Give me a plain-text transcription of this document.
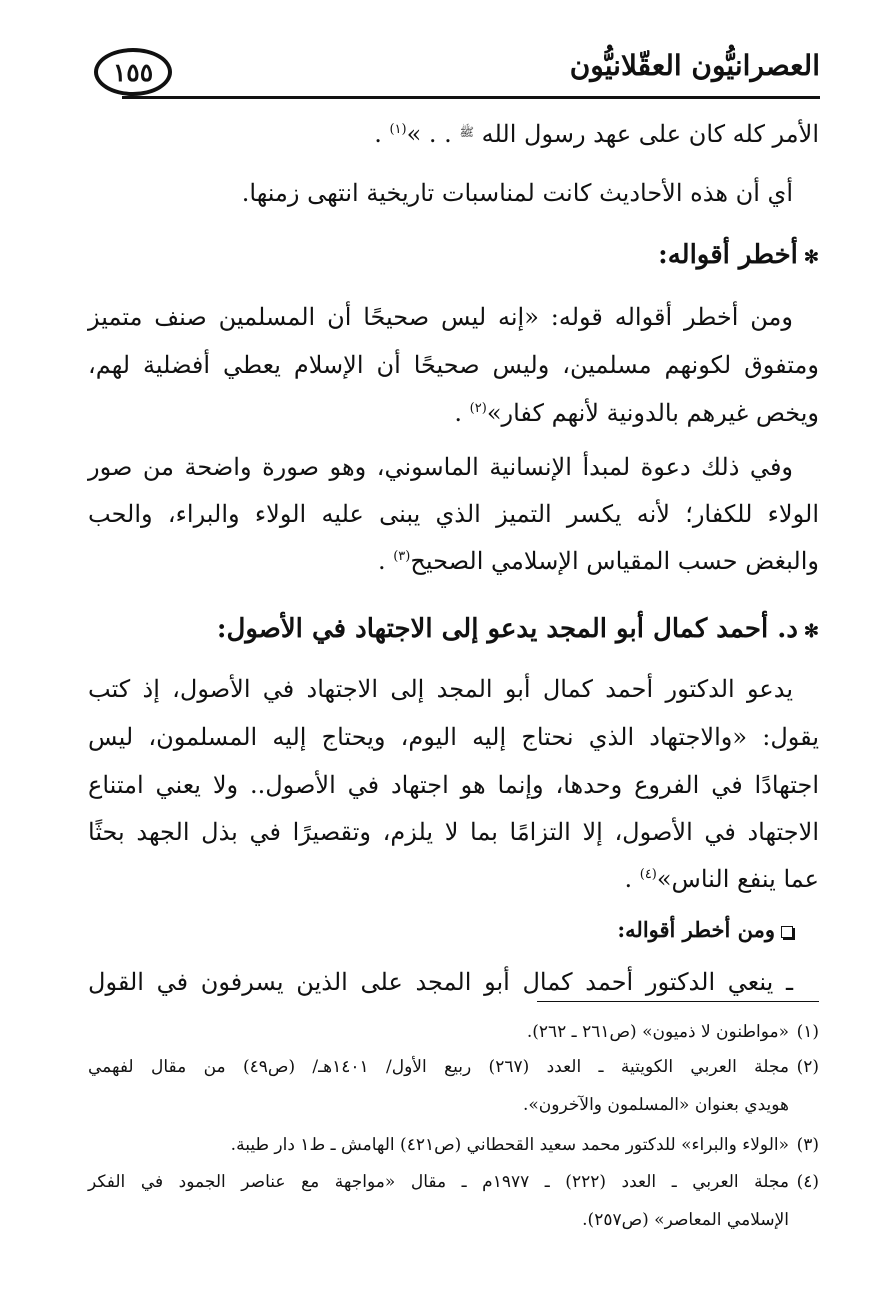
١٥٥	العصرانيُّون العقّلانيُّون
الأمر كله كان على عهد رسول الله $^ﷺ$ . . »$^{(١)}$ .
أي أن هذه الأحاديث كانت لمناسبات تاريخية انتهى زمنها.
✻أخطر أقواله:
ومن أخطر أقواله قوله: «إنه ليس صحيحًا أن المسلمين صنف متميز
ومتفوق لكونهم مسلمين، وليس صحيحًا أن الإسلام يعطي أفضلية لهم،
ويخص غيرهم بالدونية لأنهم كفار»$^{(٢)}$ .
وفي ذلك دعوة لمبدأ الإنسانية الماسوني، وهو صورة واضحة من صور
الولاء للكفار؛ لأنه يكسر التميز الذي يبنى عليه الولاء والبراء، والحب
والبغض حسب المقياس الإسلامي الصحيح$^{(٣)}$ .
✻د. أحمد كمال أبو المجد يدعو إلى الاجتهاد في الأصول:
يدعو الدكتور أحمد كمال أبو المجد إلى الاجتهاد في الأصول، إذ كتب
يقول: «والاجتهاد الذي نحتاج إليه اليوم، ويحتاج إليه المسلمون، ليس
اجتهادًا في الفروع وحدها، وإنما هو اجتهاد في الأصول.. ولا يعني امتناع
الاجتهاد في الأصول، إلا التزامًا بما لا يلزم، وتقصيرًا في بذل الجهد بحثًا
عما ينفع الناس»$^{(٤)}$ .
ومن أخطر أقواله:
ـ ينعي الدكتور أحمد كمال أبو المجد على الذين يسرفون في القول
(١)«مواطنون لا ذميون» (ص٢٦١ ـ ٢٦٢).
(٢)مجلة العربي الكويتية ـ العدد (٢٦٧) ربيع الأول/ ١٤٠١هـ/ (ص٤٩) من مقال لفهمي
هويدي بعنوان «المسلمون والآخرون».
(٣)«الولاء والبراء» للدكتور محمد سعيد القحطاني (ص٤٢١) الهامش ـ ط١ دار طيبة.
(٤)مجلة العربي ـ العدد (٢٢٢) ـ ١٩٧٧م ـ مقال «مواجهة مع عناصر الجمود في الفكر
الإسلامي المعاصر» (ص٢٥٧).
